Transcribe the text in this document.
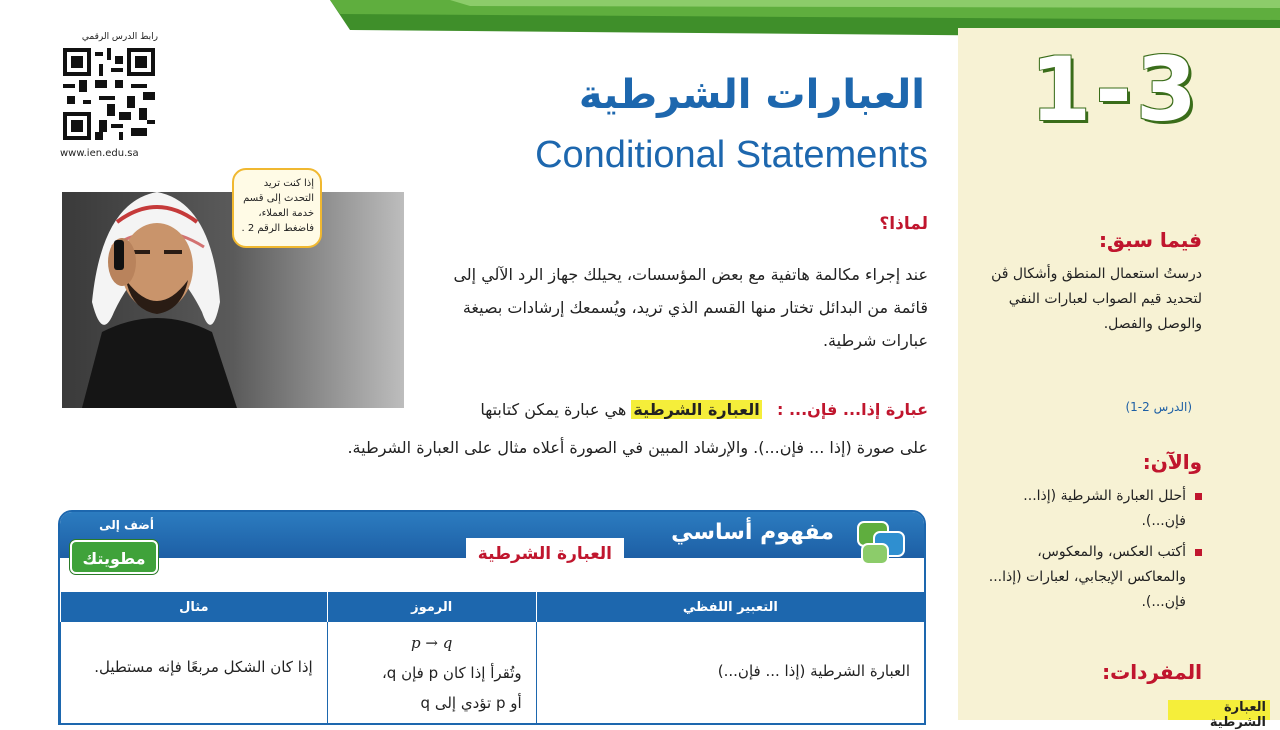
1-3
فيما سبق:
درستُ استعمال المنطق وأشكال ڤن لتحديد قيم الصواب لعبارات النفي والوصل والفصل.
(الدرس 2-1)
والآن:
أحلل العبارة الشرطية (إذا... فإن...).
أكتب العكس، والمعكوس، والمعاكس الإيجابي، لعبارات (إذا... فإن...).
المفردات:
العبارة الشرطية
رابط الدرس الرقمي
www.ien.edu.sa
العبارات الشرطية
Conditional Statements
إذا كنت تريد التحدث إلى قسم خدمة العملاء، فاضغط الرقم 2 .	لماذا؟
عند إجراء مكالمة هاتفية مع بعض المؤسسات، يحيلك جهاز الرد الآلي إلى قائمة من البدائل تختار منها القسم الذي تريد، ويُسمعك إرشادات بصيغة عبارات شرطية.
عبارة إذا... فإن... :   العبارة الشرطية هي عبارة يمكن كتابتها
على صورة (إذا ... فإن...). والإرشاد المبين في الصورة أعلاه مثال على العبارة الشرطية.
مفهوم أساسي
العبارة الشرطية
أضف إلى
مطويتك
مثال	الرموز	التعبير اللفظي
إذا كان الشكل مربعًا فإنه مستطيل.	p → q
وتُقرأ إذا كان p فإن q،
أو p تؤدي إلى q	العبارة الشرطية (إذا ... فإن...)
